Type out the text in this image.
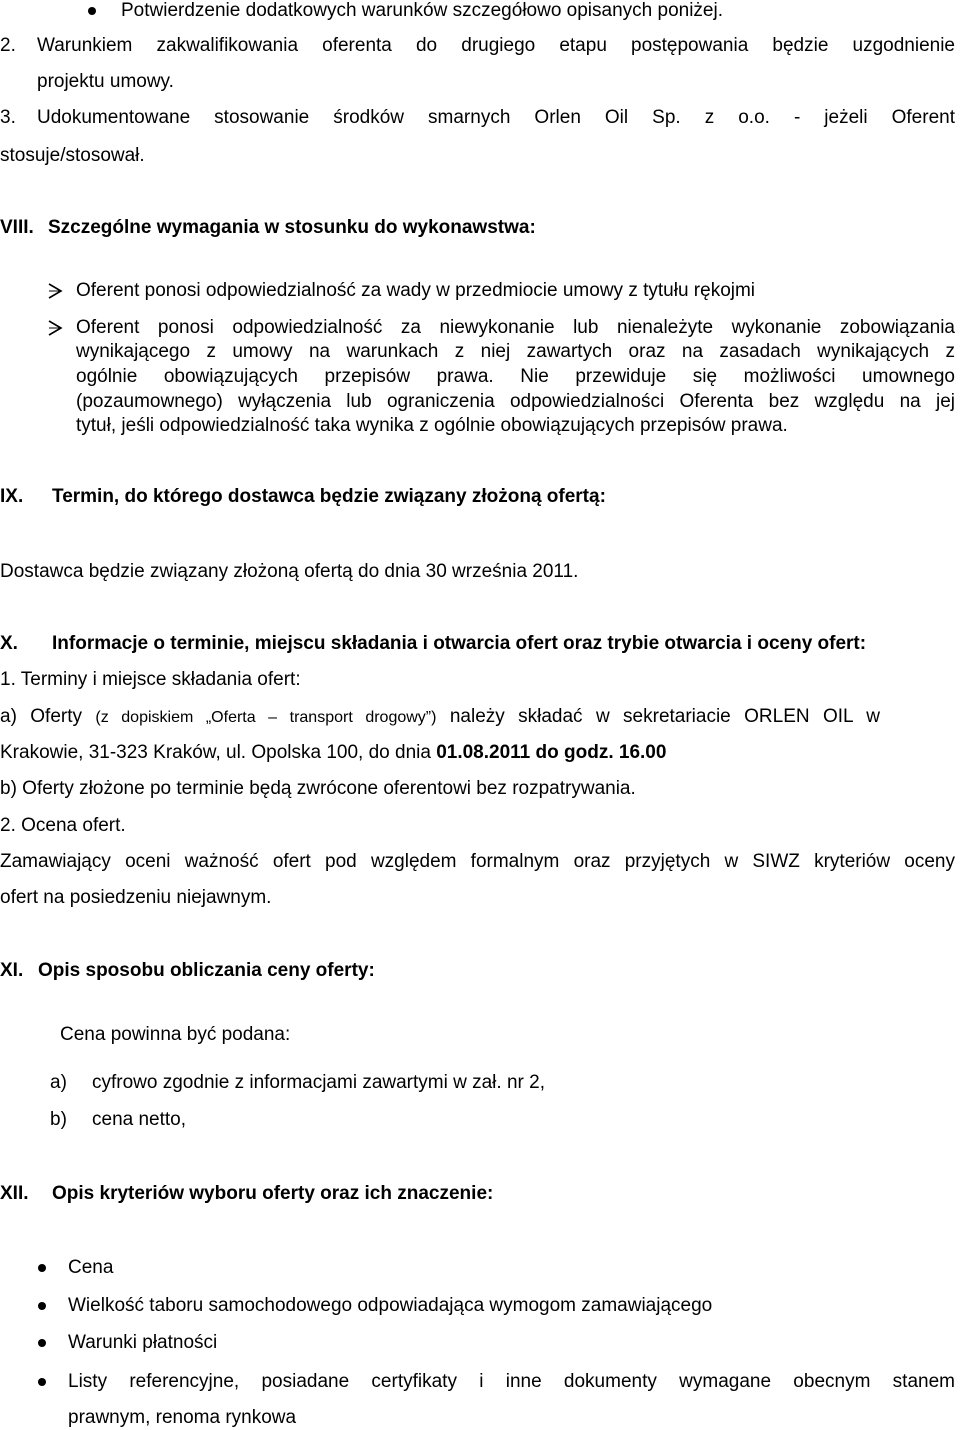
Potwierdzenie dodatkowych warunków szczegółowo opisanych poniżej.
2. Warunkiem zakwalifikowania oferenta do drugiego etapu postępowania będzie uzgodnienie
projektu umowy.
3. Udokumentowane stosowanie środków smarnych Orlen Oil Sp. z o.o. - jeżeli Oferent
stosuje/stosował.
VIII. Szczególne wymagania w stosunku do wykonawstwa:
Oferent ponosi odpowiedzialność za wady w przedmiocie umowy z tytułu rękojmi
Oferent ponosi odpowiedzialność za niewykonanie lub nienależyte wykonanie zobowiązania
wynikającego z umowy na warunkach z niej zawartych oraz na zasadach wynikających z
ogólnie obowiązujących przepisów prawa. Nie przewiduje się możliwości umownego
(pozaumownego) wyłączenia lub ograniczenia odpowiedzialności Oferenta bez względu na jej
tytuł, jeśli odpowiedzialność taka wynika z ogólnie obowiązujących przepisów prawa.
IX. Termin, do którego dostawca będzie związany złożoną ofertą:
Dostawca będzie związany złożoną ofertą do dnia 30 września 2011.
X. Informacje o terminie, miejscu składania i otwarcia ofert oraz trybie otwarcia i oceny ofert:
1. Terminy i miejsce składania ofert:
a) Oferty (z dopiskiem „Oferta – transport drogowy”) należy składać w sekretariacie ORLEN OIL w
Krakowie, 31-323 Kraków, ul. Opolska 100, do dnia 01.08.2011 do godz. 16.00
b) Oferty złożone po terminie będą zwrócone oferentowi bez rozpatrywania.
2. Ocena ofert.
Zamawiający oceni ważność ofert pod względem formalnym oraz przyjętych w SIWZ kryteriów oceny
ofert na posiedzeniu niejawnym.
XI. Opis sposobu obliczania ceny oferty:
Cena powinna być podana:
a) cyfrowo zgodnie z informacjami zawartymi w zał. nr 2,
b) cena netto,
XII. Opis kryteriów wyboru oferty oraz ich znaczenie:
Cena
Wielkość taboru samochodowego odpowiadająca wymogom zamawiającego
Warunki płatności
Listy referencyjne, posiadane certyfikaty i inne dokumenty wymagane obecnym stanem
prawnym, renoma rynkowa
